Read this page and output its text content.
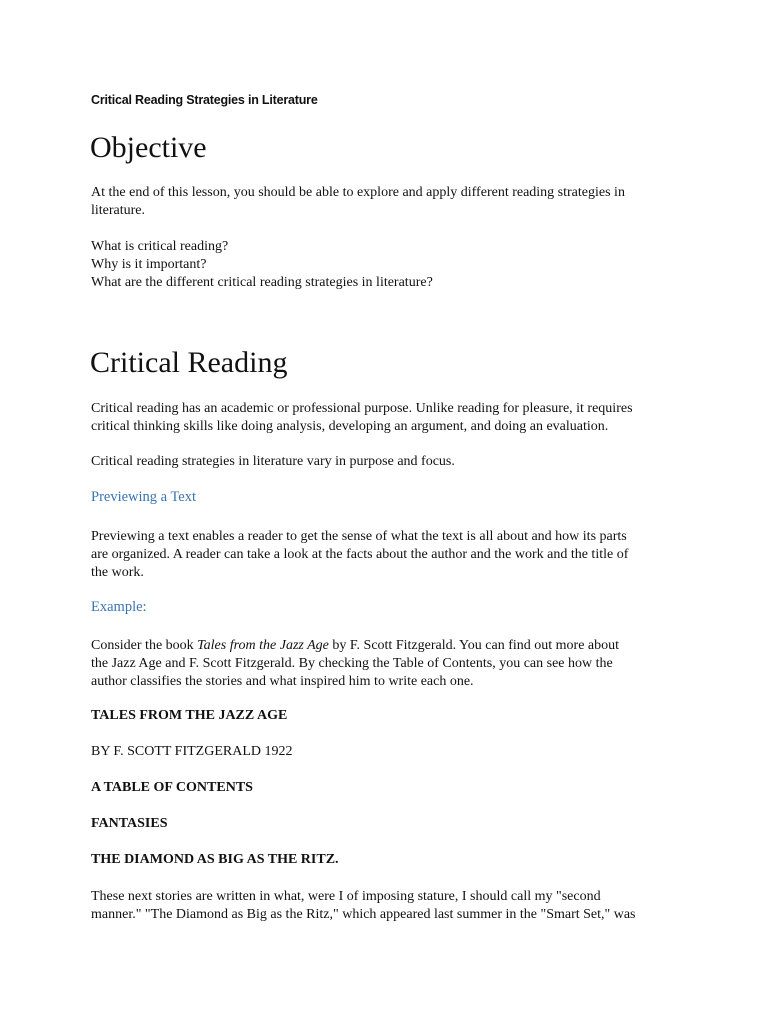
Critical Reading Strategies in Literature
Objective
At the end of this lesson, you should be able to explore and apply different reading strategies in
literature.
What is critical reading?
Why is it important?
What are the different critical reading strategies in literature?
Critical Reading
Critical reading has an academic or professional purpose. Unlike reading for pleasure, it requires
critical thinking skills like doing analysis, developing an argument, and doing an evaluation.
Critical reading strategies in literature vary in purpose and focus.
Previewing a Text
Previewing a text enables a reader to get the sense of what the text is all about and how its parts
are organized. A reader can take a look at the facts about the author and the work and the title of
the work.
Example:
Consider the book Tales from the Jazz Age by F. Scott Fitzgerald. You can find out more about
the Jazz Age and F. Scott Fitzgerald. By checking the Table of Contents, you can see how the
author classifies the stories and what inspired him to write each one.
TALES FROM THE JAZZ AGE
BY F. SCOTT FITZGERALD 1922
A TABLE OF CONTENTS
FANTASIES
THE DIAMOND AS BIG AS THE RITZ.
These next stories are written in what, were I of imposing stature, I should call my "second
manner." "The Diamond as Big as the Ritz," which appeared last summer in the "Smart Set," was
